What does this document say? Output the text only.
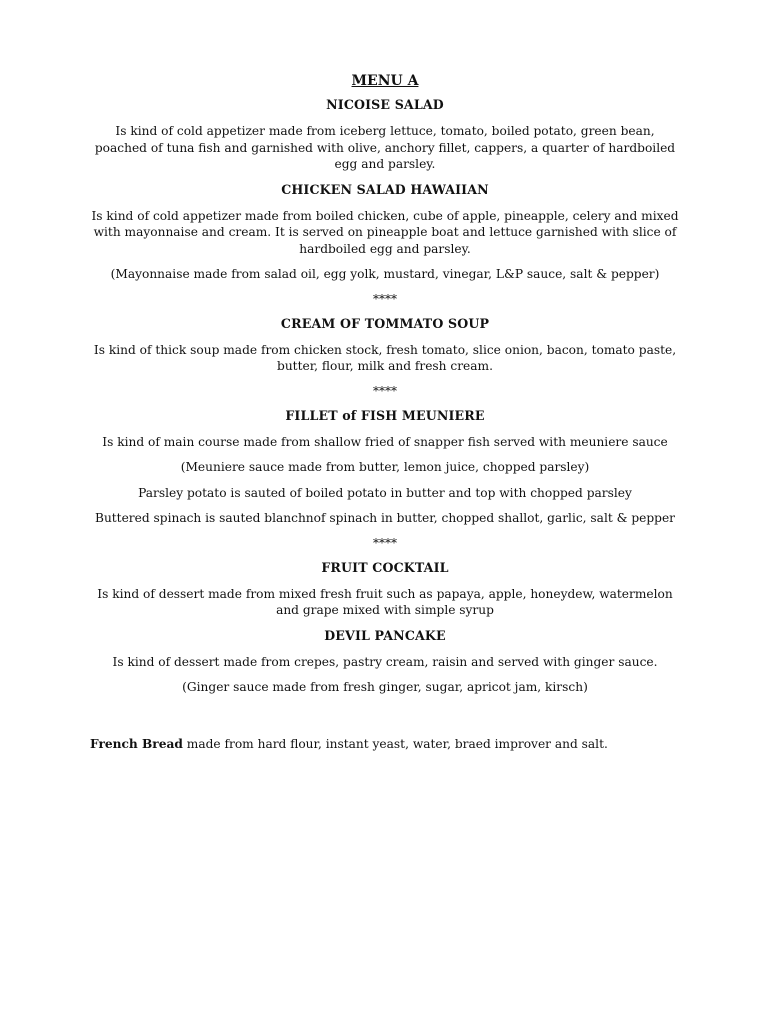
MENU A
NICOISE SALAD
Is kind of cold appetizer made from iceberg lettuce, tomato, boiled potato, green bean, poached of tuna fish and garnished with olive, anchory fillet, cappers, a quarter of hardboiled egg and parsley.
CHICKEN SALAD HAWAIIAN
Is kind of cold appetizer made from boiled chicken, cube of apple, pineapple, celery and mixed with mayonnaise and cream. It is served on pineapple boat and lettuce garnished with slice of hardboiled egg and parsley.
(Mayonnaise made from salad oil, egg yolk, mustard, vinegar, L&P sauce, salt & pepper)
****
CREAM OF TOMMATO SOUP
Is kind of thick soup made from chicken stock, fresh tomato, slice onion, bacon, tomato paste, butter, flour, milk and fresh cream.
****
FILLET of FISH MEUNIERE
Is kind of main course made from shallow fried of snapper fish served with meuniere sauce
(Meuniere sauce made from butter, lemon juice, chopped parsley)
Parsley potato is sauted of boiled potato in butter and top with chopped parsley
Buttered spinach is sauted blanchnof spinach in butter, chopped shallot, garlic, salt & pepper
****
FRUIT COCKTAIL
Is kind of dessert made from mixed fresh fruit such as papaya, apple, honeydew, watermelon and grape mixed with simple syrup
DEVIL PANCAKE
Is kind of dessert made from crepes, pastry cream, raisin and served with ginger sauce.
(Ginger sauce made from fresh ginger, sugar, apricot jam, kirsch)
French Bread made from hard flour, instant yeast, water, braed improver and salt.
